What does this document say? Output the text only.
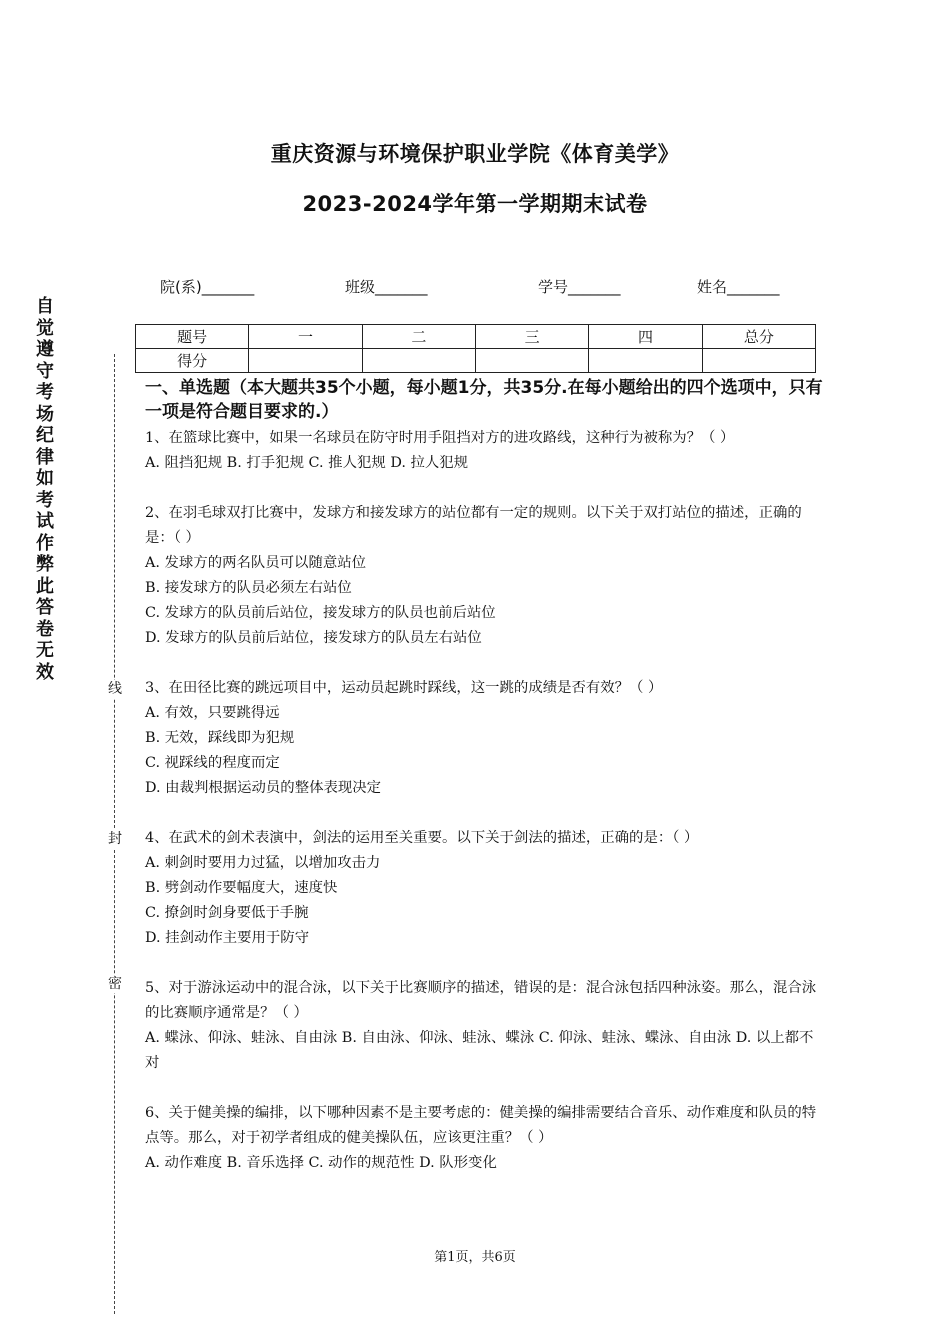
重庆资源与环境保护职业学院《体育美学》
2023-2024学年第一学期期末试卷
院(系)_______	班级_______	学号_______	姓名_______
题号	一	二	三	四	总分
得分					
自觉遵守考场纪律如考试作弊此答卷无效
线
封
密
一、单选题（本大题共35个小题，每小题1分，共35分.在每小题给出的四个选项中，只有一项是符合题目要求的.）

1、在篮球比赛中，如果一名球员在防守时用手阻挡对方的进攻路线，这种行为被称为？（ ）

A. 阻挡犯规 B. 打手犯规 C. 推人犯规 D. 拉人犯规

2、在羽毛球双打比赛中，发球方和接发球方的站位都有一定的规则。以下关于双打站位的描述，正确的是：（ ）

A. 发球方的两名队员可以随意站位

B. 接发球方的队员必须左右站位

C. 发球方的队员前后站位，接发球方的队员也前后站位

D. 发球方的队员前后站位，接发球方的队员左右站位

3、在田径比赛的跳远项目中，运动员起跳时踩线，这一跳的成绩是否有效？（ ）

A. 有效，只要跳得远

B. 无效，踩线即为犯规

C. 视踩线的程度而定

D. 由裁判根据运动员的整体表现决定

4、在武术的剑术表演中，剑法的运用至关重要。以下关于剑法的描述，正确的是：（ ）

A. 刺剑时要用力过猛，以增加攻击力

B. 劈剑动作要幅度大，速度快

C. 撩剑时剑身要低于手腕

D. 挂剑动作主要用于防守

5、对于游泳运动中的混合泳，以下关于比赛顺序的描述，错误的是：混合泳包括四种泳姿。那么，混合泳的比赛顺序通常是？（ ）

A. 蝶泳、仰泳、蛙泳、自由泳 B. 自由泳、仰泳、蛙泳、蝶泳 C. 仰泳、蛙泳、蝶泳、自由泳 D. 以上都不对

6、关于健美操的编排，以下哪种因素不是主要考虑的：健美操的编排需要结合音乐、动作难度和队员的特点等。那么，对于初学者组成的健美操队伍，应该更注重？（ ）

A. 动作难度 B. 音乐选择 C. 动作的规范性 D. 队形变化

第1页，共6页
